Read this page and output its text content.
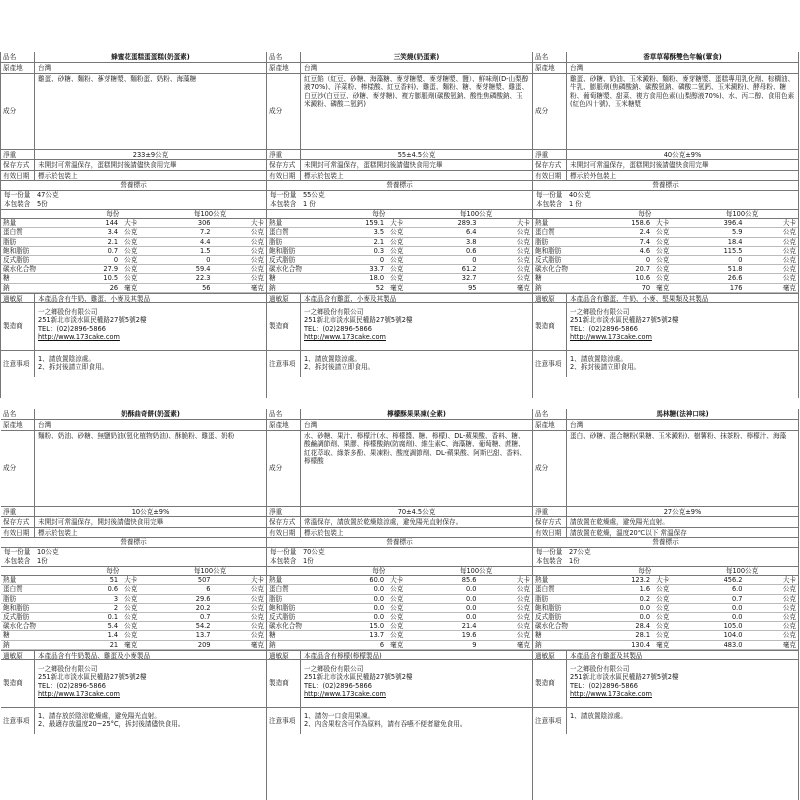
品名	蜂蜜花蛋糕蛋蛋糕(奶蛋素)
原產地	台灣
成分
雞蛋、砂糖、麵粉、蔘芽糖漿、麵粉蛋、奶粉、海藻糖
淨重	233±9公克
保存方式	未開封可常溫保存，蛋糕開封後請儘快食用完畢
有效日期	標示於包裝上
營養標示
每一份量　47公克
本包裝含　5份
	每份		每100公克	
熱量	144	大卡	306	大卡
蛋白質	3.4	公克	7.2	公克
脂肪	2.1	公克	4.4	公克
飽和脂肪	0.7	公克	1.5	公克
反式脂肪	0	公克	0	公克
碳水化合物	27.9	公克	59.4	公克
糖	10.5	公克	22.3	公克
鈉	26	毫克	56	毫克
過敏原	本產品含有牛奶、雞蛋、小麥及其製品
製造商
一之鄉股份有限公司
251新北市淡水區民權路27號5號2樓
TEL：(02)2896-5866
http://www.173cake.com
注意事項
1、請放置陰涼處。
2、拆封後請立即食用。
品名	三笑燒(奶蛋素)
原產地	台灣
成分
紅豆餡（紅豆、砂糖、海藻糖、麥芽糖漿、麥芽糖漿、鹽）、鮮味劑(D-山梨醇液70%)、洋菜粉、棒樣酸、紅豆香料)、雞蛋、麵粉、糖、麥芽糖漿、雞蛋、白豆沙(白豆豆、砂糖、麥芽糖)、複方膨脹劑(碳酸氫鈉、酸性焦磷酸鈉、玉米澱粉、磷酸二氫鈣)
淨重	55±4.5公克
保存方式	未開封可常溫保存，蛋糕開封後請儘快食用完畢
有效日期	標示於包裝上
營養標示
每一份量　55公克
本包裝含　1 份
	每份		每100公克	
熱量	159.1	大卡	289.3	大卡
蛋白質	3.5	公克	6.4	公克
脂肪	2.1	公克	3.8	公克
飽和脂肪	0.3	公克	0.6	公克
反式脂肪	0	公克	0	公克
碳水化合物	33.7	公克	61.2	公克
糖	18.0	公克	32.7	公克
鈉	52	毫克	95	毫克
過敏原	本產品含有雞蛋、小麥及其製品
製造商
一之鄉股份有限公司
251新北市淡水區民權路27號5號2樓
TEL：(02)2896-5866
http://www.173cake.com
注意事項
1、請放置陰涼處。
2、拆封後請立即食用。
品名	香草草莓酥雙色年輪(葷食)
原產地	台灣
成分
雞蛋、砂糖、奶油、玉米澱粉、麵粉、麥芽糖漿、蛋糕專用乳化劑、棕櫚油、牛乳、膨脹劑(焦磷酸鈉、碳酸氫鈉、磷酸二氫鈣、玉米澱粉)、酵母粉、糖粉、葡萄糖漿、甜菜、複方食用色素(山梨醇液70%)、水、丙二醇、食用色素(紅色四十號)、玉米糖漿
淨重	40公克±9%
保存方式	未開封可常溫保存，蛋糕開封後請儘快食用完畢
有效日期	標示於外包裝上
營養標示
每一份量　40公克
本包裝含　1 份
	每份		每100公克	
熱量	158.6	大卡	396.4	大卡
蛋白質	2.4	公克	5.9	公克
脂肪	7.4	公克	18.4	公克
飽和脂肪	4.6	公克	115.5	公克
反式脂肪	0	公克	0	公克
碳水化合物	20.7	公克	51.8	公克
糖	10.6	公克	26.6	公克
鈉	70	毫克	176	毫克
過敏原	本產品含有雞蛋、牛奶、小麥、堅果類及其製品
製造商
一之鄉股份有限公司
251新北市淡水區民權路27號5號2樓
TEL：(02)2896-5866
http://www.173cake.com
注意事項
1、請放置陰涼處。
2、拆封後請立即食用。
品名	奶酥曲奇餅(奶蛋素)
原產地	台灣
成分
麵粉、奶油、砂糖、無鹽奶油(氫化植物奶油)、酥脆粉、雞蛋、奶粉
淨重	10公克±9%
保存方式	未開封可常溫保存，開封後請儘快食用完畢
有效日期	標示於包裝上
營養標示
每一份量　10公克
本包裝含　1份
	每份		每100公克	
熱量	51	大卡	507	大卡
蛋白質	0.6	公克	6	公克
脂肪	3	公克	29.6	公克
飽和脂肪	2	公克	20.2	公克
反式脂肪	0.1	公克	0.7	公克
碳水化合物	5.4	公克	54.2	公克
糖	1.4	公克	13.7	公克
鈉	21	毫克	209	毫克
過敏原	本產品含有牛奶製品、雞蛋及小麥製品
製造商
一之鄉股份有限公司
251新北市淡水區民權路27號5號2樓
TEL：(02)2896-5866
http://www.173cake.com
注意事項
1、請存放於陰涼乾燥處，避免陽光直射。
2、最適存放溫度20~25°C，拆封後請儘快食用。
品名	檸檬酥果果凍(全素)
原產地	台灣
成分
水、砂糖、果汁、檸檬汁(水、檸檬醬、糖、檸檬)、DL-蘋果酸、香料、糖、酸鹼調節劑、果膠、檸檬酸鈉(防腐劑)、維生素C、海藻糖、葡萄糖、蔗糖、紅花萃取、綠茶多酚、果凍粉、酸度調節劑、DL-蘋果酸、阿斯巴甜、香料、檸檬酸
淨重	70±4.5公克
保存方式	常溫保存，請放置於乾燥陰涼處，避免陽光直射保存。
有效日期	標示於包裝上
營養標示
每一份量　70公克
本包裝含　1份
	每份		每100公克	
熱量	60.0	大卡	85.6	大卡
蛋白質	0.0	公克	0.0	公克
脂肪	0.0	公克	0.0	公克
飽和脂肪	0.0	公克	0.0	公克
反式脂肪	0.0	公克	0.0	公克
碳水化合物	15.0	公克	21.4	公克
糖	13.7	公克	19.6	公克
鈉	6	毫克	9	毫克
過敏原	本產品含有檸檬(檸檬製品)
製造商
一之鄉股份有限公司
251新北市淡水區民權路27號5號2樓
TEL：(02)2896-5866
http://www.173cake.com
注意事項
1、請勿一口食用果凍。
2、內含果粒含可作為原料，請有吞嚥不便者避免食用。
品名	馬林糖(法神口味)
原產地	台灣
成分
蛋白、砂糖、混合糖粉(果糖、玉米澱粉)、樹薯粉、抹茶粉、檸檬汁、海藻
淨重	27公克±9%
保存方式	請放置在乾燥處，避免陽光直射。
有效日期	請放置在乾燥，溫度20℃以下 常溫保存
營養標示
每一份量　27公克
本包裝含　1份
	每份		每100公克	
熱量	123.2	大卡	456.2	大卡
蛋白質	1.6	公克	6.0	公克
脂肪	0.2	公克	0.7	公克
飽和脂肪	0.0	公克	0.0	公克
反式脂肪	0.0	公克	0.0	公克
碳水化合物	28.4	公克	105.0	公克
糖	28.1	公克	104.0	公克
鈉	130.4	毫克	483.0	毫克
過敏原	本產品含有雞蛋及其製品
製造商
一之鄉股份有限公司
251新北市淡水區民權路27號5號2樓
TEL：(02)2896-5866
http://www.173cake.com
注意事項
1、請放置陰涼處。
